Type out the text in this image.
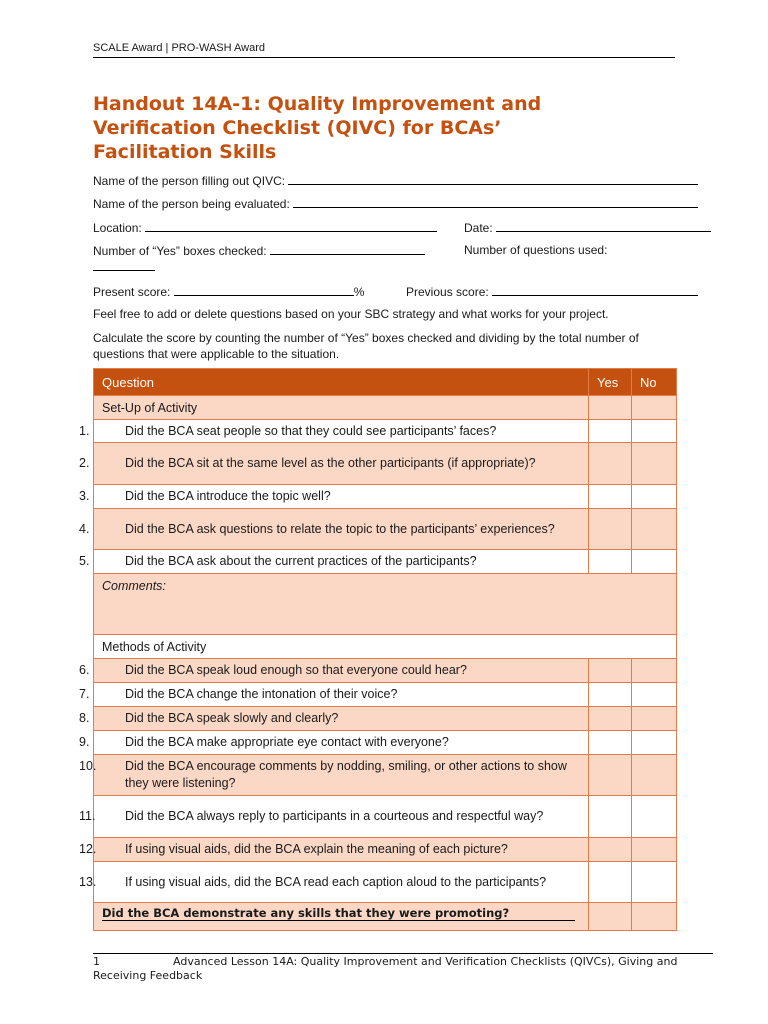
SCALE Award | PRO-WASH Award
Handout 14A-1: Quality Improvement and
Verification Checklist (QIVC) for BCAs’
Facilitation Skills
Name of the person filling out QIVC:
Name of the person being evaluated:
Location:	Date:
Number of “Yes” boxes checked:	Number of questions used:
Present score:	%	Previous score:
Feel free to add or delete questions based on your SBC strategy and what works for your project.
Calculate the score by counting the number of “Yes” boxes checked and dividing by the total number of questions that were applicable to the situation.
Question	Yes	No
Set-Up of Activity		

1. Did the BCA seat people so that they could see participants’ faces?		

2. Did the BCA sit at the same level as the other participants (if appropriate)?		

3. Did the BCA introduce the topic well?		

4. Did the BCA ask questions to relate the topic to the participants’ experiences?		

5. Did the BCA ask about the current practices of the participants?		

Comments:		
Methods of Activity		

6. Did the BCA speak loud enough so that everyone could hear?		

7. Did the BCA change the intonation of their voice?		

8. Did the BCA speak slowly and clearly?		

9. Did the BCA make appropriate eye contact with everyone?		

10. Did the BCA encourage comments by nodding, smiling, or other actions to show they were listening?		

11. Did the BCA always reply to participants in a courteous and respectful way?		

12. If using visual aids, did the BCA explain the meaning of each picture?		

13. If using visual aids, did the BCA read each caption aloud to the participants?		

Did the BCA demonstrate any skills that they were promoting?		
1	Advanced Lesson 14A: Quality Improvement and Verification Checklists (QIVCs), Giving and Receiving Feedback
